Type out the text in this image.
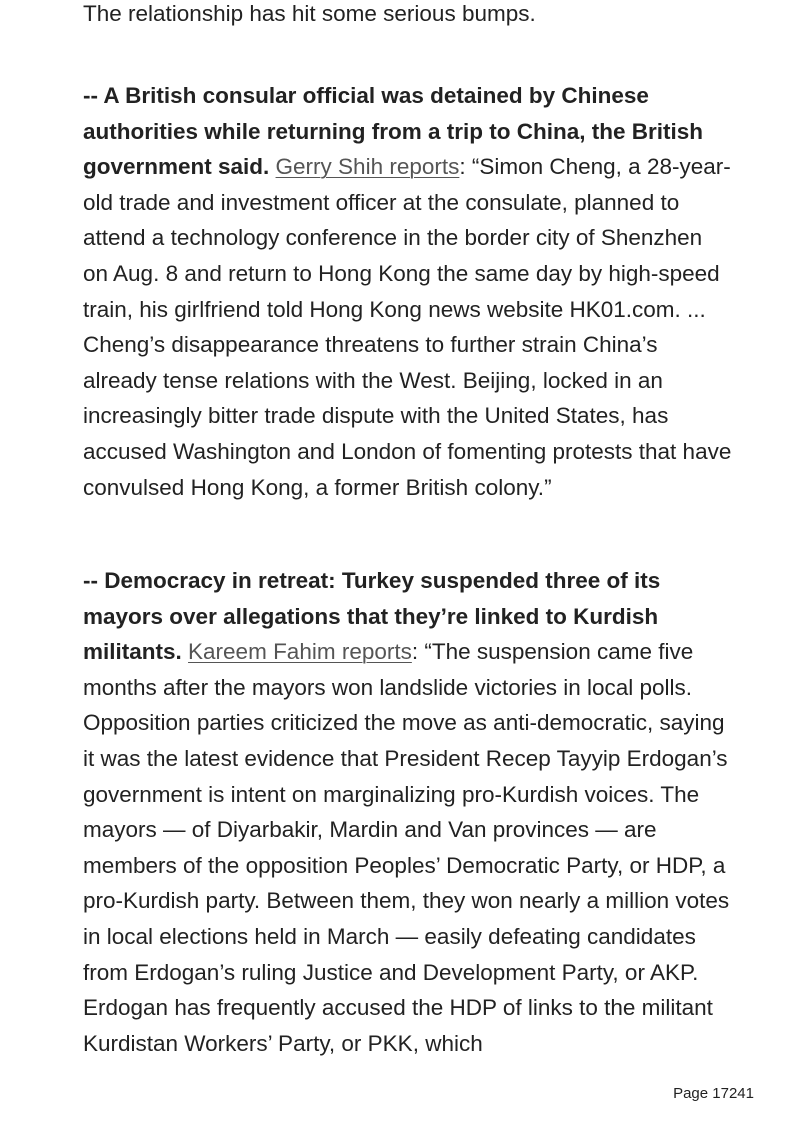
The relationship has hit some serious bumps.

-- A British consular official was detained by Chinese authorities while returning from a trip to China, the British government said. Gerry Shih reports: “Simon Cheng, a 28-year-old trade and investment officer at the consulate, planned to attend a technology conference in the border city of Shenzhen on Aug. 8 and return to Hong Kong the same day by high-speed train, his girlfriend told Hong Kong news website HK01.com. ... Cheng’s disappearance threatens to further strain China’s already tense relations with the West. Beijing, locked in an increasingly bitter trade dispute with the United States, has accused Washington and London of fomenting protests that have convulsed Hong Kong, a former British colony.”

-- Democracy in retreat: Turkey suspended three of its mayors over allegations that they’re linked to Kurdish militants. Kareem Fahim reports: “The suspension came five months after the mayors won landslide victories in local polls. Opposition parties criticized the move as anti-democratic, saying it was the latest evidence that President Recep Tayyip Erdogan’s government is intent on marginalizing pro-Kurdish voices. The mayors — of Diyarbakir, Mardin and Van provinces — are members of the opposition Peoples’ Democratic Party, or HDP, a pro-Kurdish party. Between them, they won nearly a million votes in local elections held in March — easily defeating candidates from Erdogan’s ruling Justice and Development Party, or AKP. Erdogan has frequently accused the HDP of links to the militant Kurdistan Workers’ Party, or PKK, which

Page 17241
